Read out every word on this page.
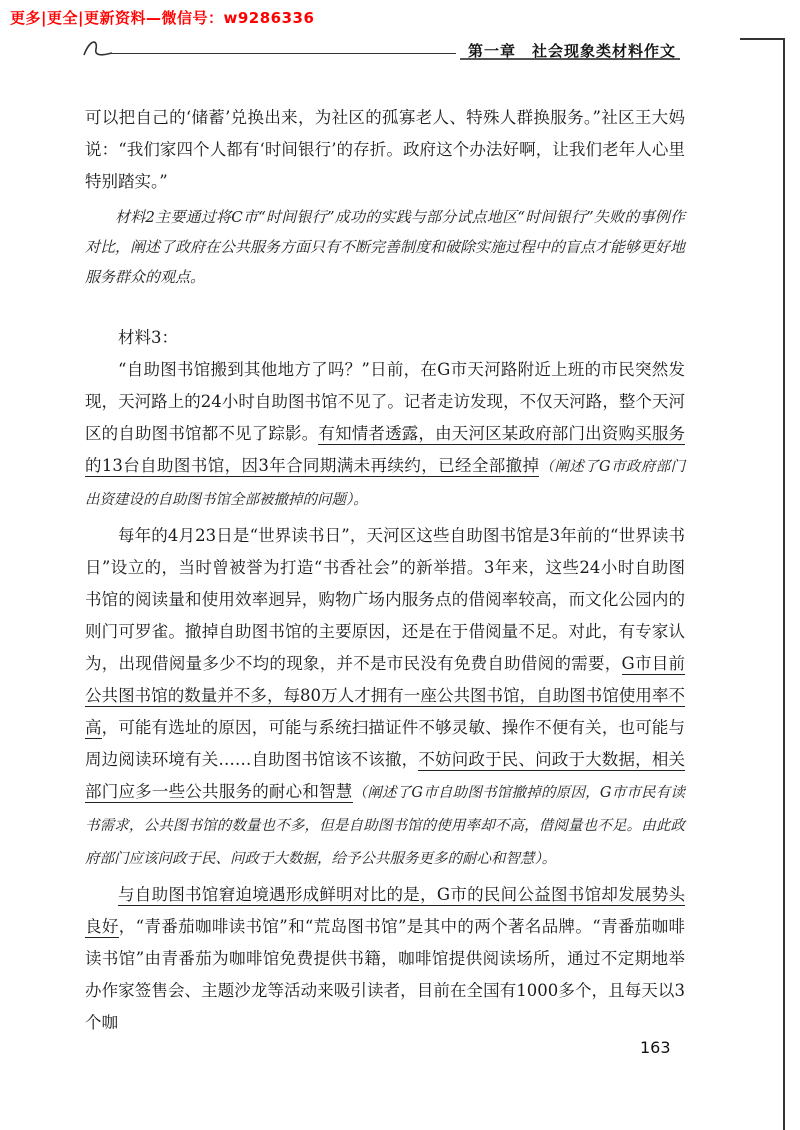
更多|更全|更新资料—微信号：w9286336
第一章　社会现象类材料作文

可以把自己的‘储蓄’兑换出来，为社区的孤寡老人、特殊人群换服务。”社区王大妈说：“我们家四个人都有‘时间银行’的存折。政府这个办法好啊，让我们老年人心里特别踏实。”

材料2主要通过将C市“时间银行”成功的实践与部分试点地区“时间银行”失败的事例作对比，阐述了政府在公共服务方面只有不断完善制度和破除实施过程中的盲点才能够更好地服务群众的观点。

材料3：

“自助图书馆搬到其他地方了吗？”日前，在G市天河路附近上班的市民突然发现，天河路上的24小时自助图书馆不见了。记者走访发现，不仅天河路，整个天河区的自助图书馆都不见了踪影。有知情者透露，由天河区某政府部门出资购买服务的13台自助图书馆，因3年合同期满未再续约，已经全部撤掉（阐述了G市政府部门出资建设的自助图书馆全部被撤掉的问题）。

每年的4月23日是“世界读书日”，天河区这些自助图书馆是3年前的“世界读书日”设立的，当时曾被誉为打造“书香社会”的新举措。3年来，这些24小时自助图书馆的阅读量和使用效率迥异，购物广场内服务点的借阅率较高，而文化公园内的则门可罗雀。撤掉自助图书馆的主要原因，还是在于借阅量不足。对此，有专家认为，出现借阅量多少不均的现象，并不是市民没有免费自助借阅的需要，G市目前公共图书馆的数量并不多，每80万人才拥有一座公共图书馆，自助图书馆使用率不高，可能有选址的原因，可能与系统扫描证件不够灵敏、操作不便有关，也可能与周边阅读环境有关……自助图书馆该不该撤，不妨问政于民、问政于大数据，相关部门应多一些公共服务的耐心和智慧（阐述了G市自助图书馆撤掉的原因，G市市民有读书需求，公共图书馆的数量也不多，但是自助图书馆的使用率却不高，借阅量也不足。由此政府部门应该问政于民、问政于大数据，给予公共服务更多的耐心和智慧）。

与自助图书馆窘迫境遇形成鲜明对比的是，G市的民间公益图书馆却发展势头良好，“青番茄咖啡读书馆”和“荒岛图书馆”是其中的两个著名品牌。“青番茄咖啡读书馆”由青番茄为咖啡馆免费提供书籍，咖啡馆提供阅读场所，通过不定期地举办作家签售会、主题沙龙等活动来吸引读者，目前在全国有1000多个，且每天以3个咖

163
